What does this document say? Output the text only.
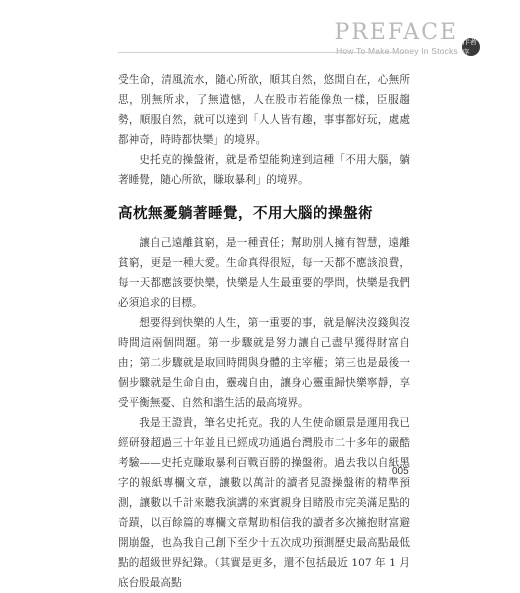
PREFACE
How To Make Money In Stocks
作者序

受生命，清風流水，隨心所欲，順其自然，悠閒自在，心無所思，別無所求，了無遺憾，人在股市若能像魚一樣，臣服趨勢，順服自然，就可以達到「人人皆有趣，事事都好玩，處處都神奇，時時都快樂」的境界。

史托克的操盤術，就是希望能夠達到這種「不用大腦，躺著睡覺，隨心所欲，賺取暴利」的境界。

高枕無憂躺著睡覺，不用大腦的操盤術

讓自己遠離貧窮，是一種責任；幫助別人擁有智慧，遠離貧窮，更是一種大愛。生命真得很短，每一天都不應該浪費，每一天都應該要快樂，快樂是人生最重要的學問，快樂是我們必須追求的目標。

想要得到快樂的人生，第一重要的事，就是解決沒錢與沒時間這兩個問題。第一步驟就是努力讓自己盡早獲得財富自由；第二步驟就是取回時間與身體的主宰權；第三也是最後一個步驟就是生命自由，靈魂自由，讓身心靈重歸快樂寧靜，享受平衡無憂、自然和諧生活的最高境界。

我是王證貴，筆名史托克。我的人生使命願景是運用我已經研發超過三十年並且已經成功通過台灣股市二十多年的嚴酷考驗——史托克賺取暴利百戰百勝的操盤術。過去我以自紙黑字的報紙專欄文章，讓數以萬計的讀者見證操盤術的精準預測，讓數以千計來聽我演講的來賓親身目睹股市完美滿足點的奇蹟，以百餘篇的專欄文章幫助相信我的讀者多次擁抱財富避開崩盤，也為我自己創下至少十五次成功預測歷史最高點最低點的超級世界紀錄。（其實是更多，還不包括最近 107 年 1 月底台股最高點

005
